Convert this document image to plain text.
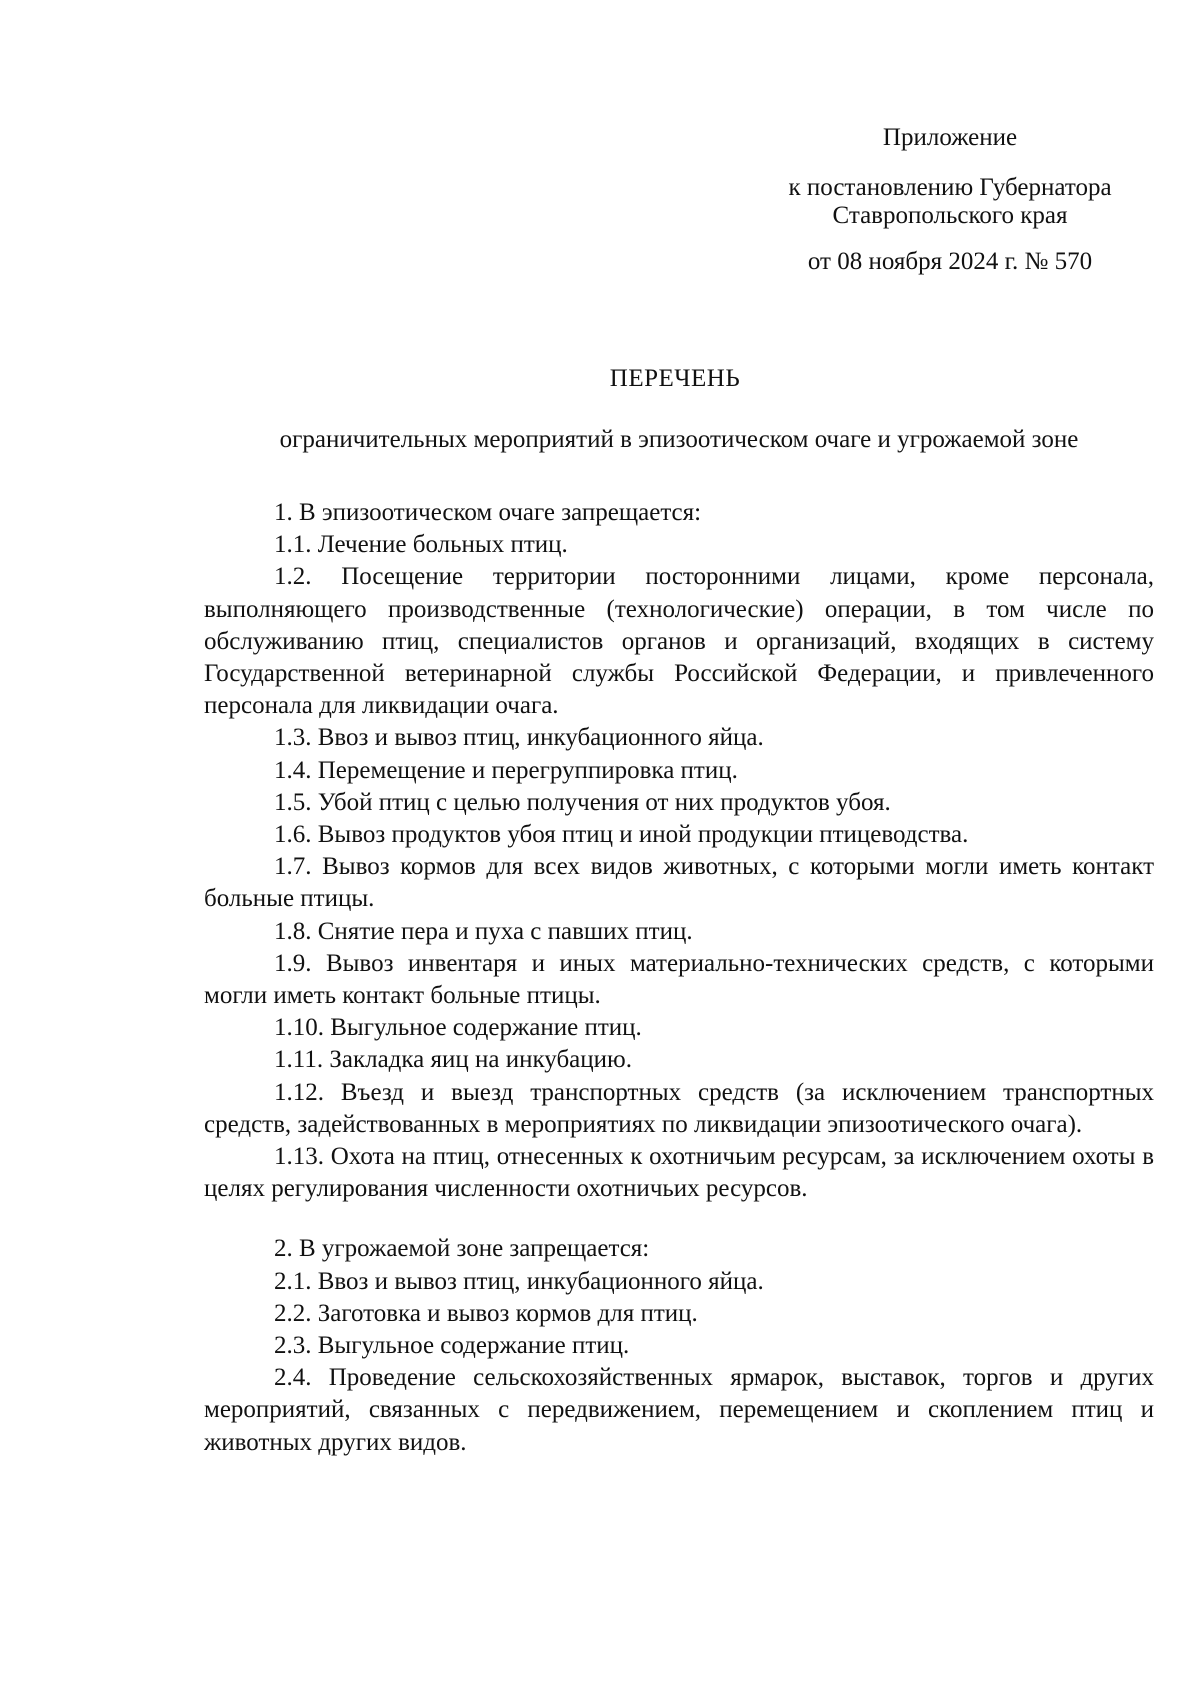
Приложение
к постановлению Губернатора
Ставропольского края
от 08 ноября 2024 г. № 570
ПЕРЕЧЕНЬ
ограничительных мероприятий в эпизоотическом очаге и угрожаемой зоне

1. В эпизоотическом очаге запрещается:

1.1. Лечение больных птиц.

1.2. Посещение территории посторонними лицами, кроме персонала, выполняющего производственные (технологические) операции, в том числе по обслуживанию птиц, специалистов органов и организаций, входящих в систему Государственной ветеринарной службы Российской Федерации, и привлеченного персонала для ликвидации очага.

1.3. Ввоз и вывоз птиц, инкубационного яйца.

1.4. Перемещение и перегруппировка птиц.

1.5. Убой птиц с целью получения от них продуктов убоя.

1.6. Вывоз продуктов убоя птиц и иной продукции птицеводства.

1.7. Вывоз кормов для всех видов животных, с которыми могли иметь контакт больные птицы.

1.8. Снятие пера и пуха с павших птиц.

1.9. Вывоз инвентаря и иных материально-технических средств, с которыми могли иметь контакт больные птицы.

1.10. Выгульное содержание птиц.

1.11. Закладка яиц на инкубацию.

1.12. Въезд и выезд транспортных средств (за исключением транспортных средств, задействованных в мероприятиях по ликвидации эпизоотического очага).

1.13. Охота на птиц, отнесенных к охотничьим ресурсам, за исключением охоты в целях регулирования численности охотничьих ресурсов.

2. В угрожаемой зоне запрещается:

2.1. Ввоз и вывоз птиц, инкубационного яйца.

2.2. Заготовка и вывоз кормов для птиц.

2.3. Выгульное содержание птиц.

2.4. Проведение сельскохозяйственных ярмарок, выставок, торгов и других мероприятий, связанных с передвижением, перемещением и скоплением птиц и животных других видов.
